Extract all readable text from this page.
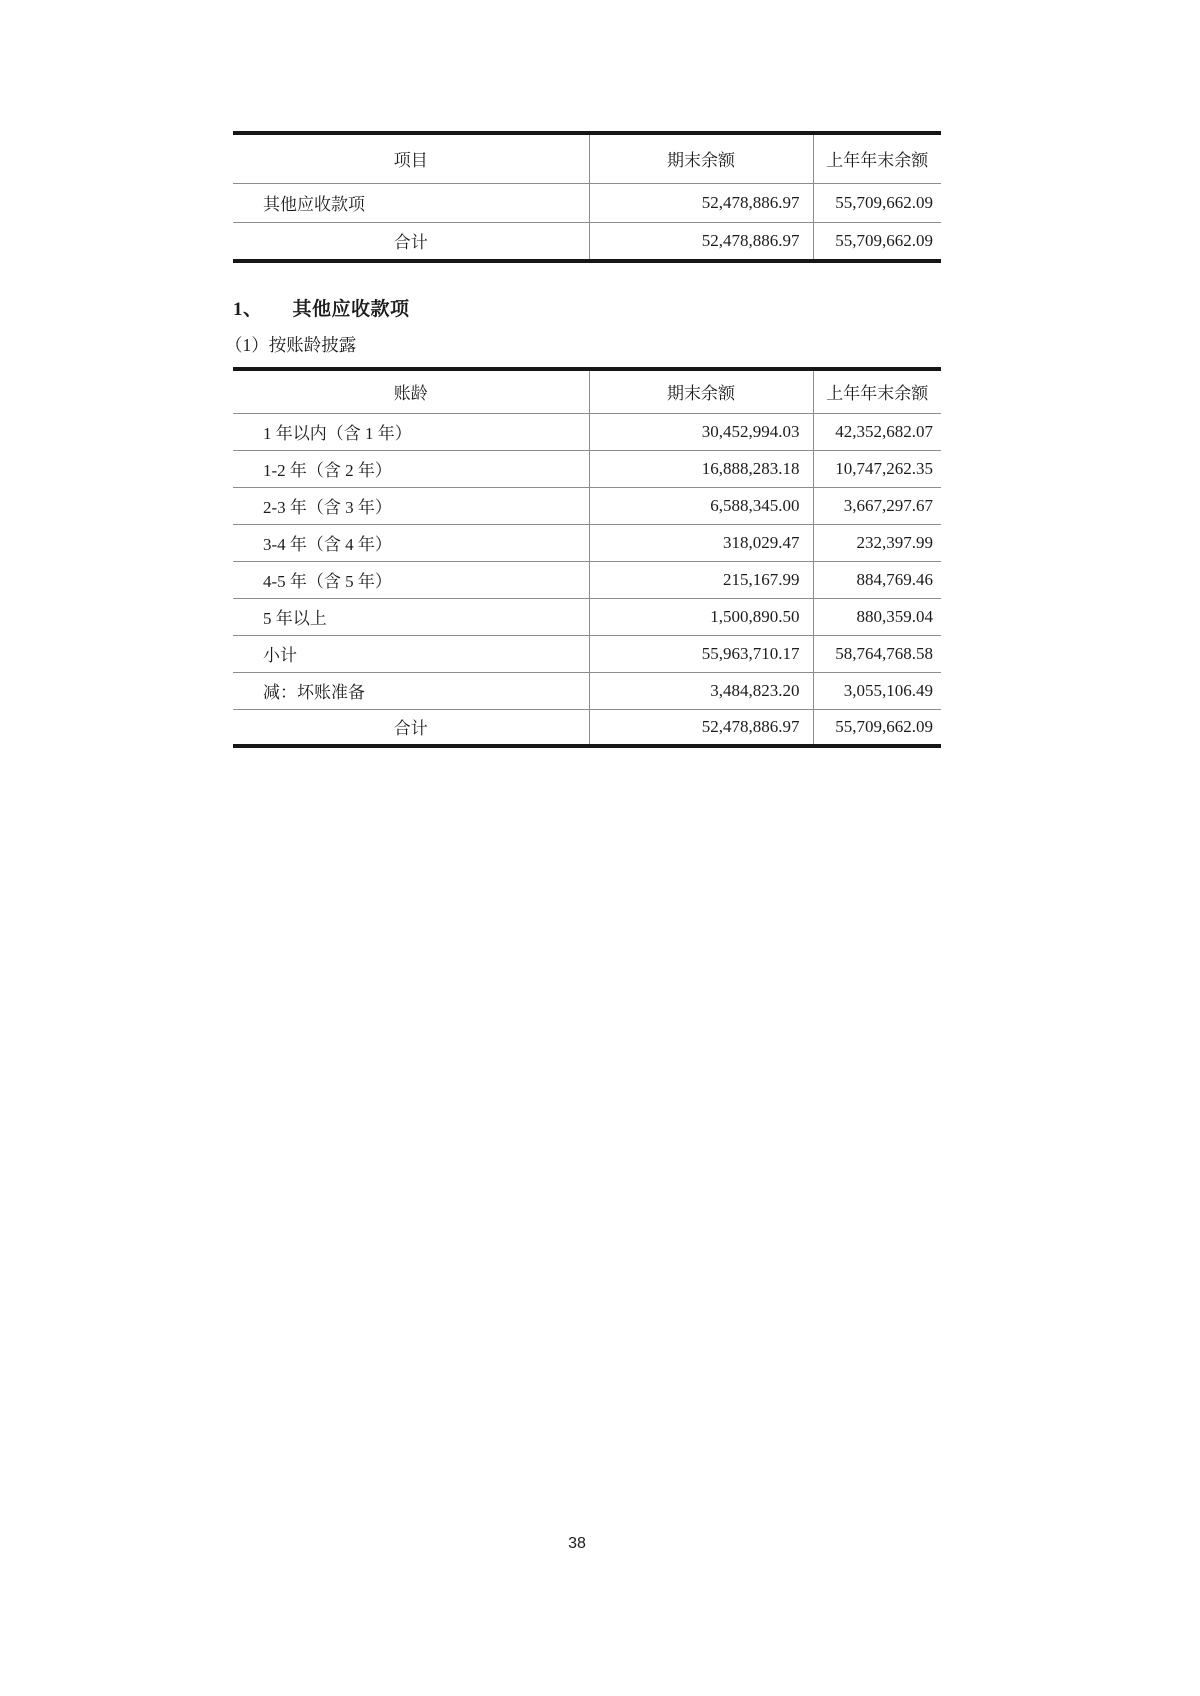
项目	期末余额	上年年末余额
其他应收款项	52,478,886.97	55,709,662.09
合计	52,478,886.97	55,709,662.09
1、 其他应收款项
（1）按账龄披露
账龄	期末余额	上年年末余额
1 年以内（含 1 年）	30,452,994.03	42,352,682.07
1-2 年（含 2 年）	16,888,283.18	10,747,262.35
2-3 年（含 3 年）	6,588,345.00	3,667,297.67
3-4 年（含 4 年）	318,029.47	232,397.99
4-5 年（含 5 年）	215,167.99	884,769.46
5 年以上	1,500,890.50	880,359.04
小计	55,963,710.17	58,764,768.58
减：坏账准备	3,484,823.20	3,055,106.49
合计	52,478,886.97	55,709,662.09
38
